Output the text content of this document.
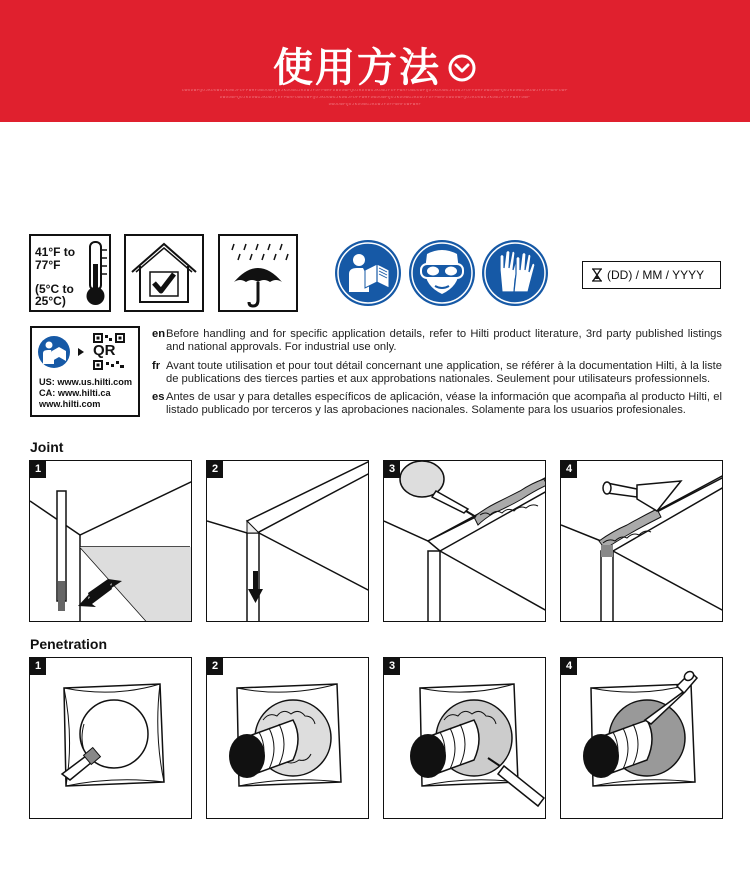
使用方法
DWODWPQOJKDOWGJKDWJFDFPWHFDWDOWPQOJKDOWGJKDWJFDFPWHFDWDOWPQOJKDOWGJKDWJFDFPWHFDWDOWPQOJKDOWGJKDWJFDFPWHFDWDOWPQOJKDOWGJKDWJFDFPWHFDWP
DWODWPQOJKDOWGJKDWJFDFPWHFDWDOWPQOJKDOWGJKDWJFDFPWHFDWDOWPQOJKDOWGJKDWJFDFPWHFDWDOWPQOJKDOWGJKDWJFDFPWHFDWP
DWODWPQOJKDOWGJKDWJFDFPWHFDWPWHF
41°F to
77°F
(5°C to
25°C)
(DD) / MM / YYYY
QR
US: www.us.hilti.com
CA: www.hilti.ca
www.hilti.com
en Before handling and for specific application details, refer to Hilti product literature, 3rd party published listings and national approvals. For industrial use only.
fr Avant toute utilisation et pour tout détail concernant une application, se référer à la documentation Hilti, à la liste de publications des tierces parties et aux approbations nationales. Seulement pour utilisateurs professionnels.
es Antes de usar y para detalles específicos de aplicación, véase la información que acompaña al producto Hilti, el listado publicado por terceros y las aprobaciones nacionales. Solamente para los usuarios profesionales.
Joint
1	2	3	4
Penetration
1	2	3	4
